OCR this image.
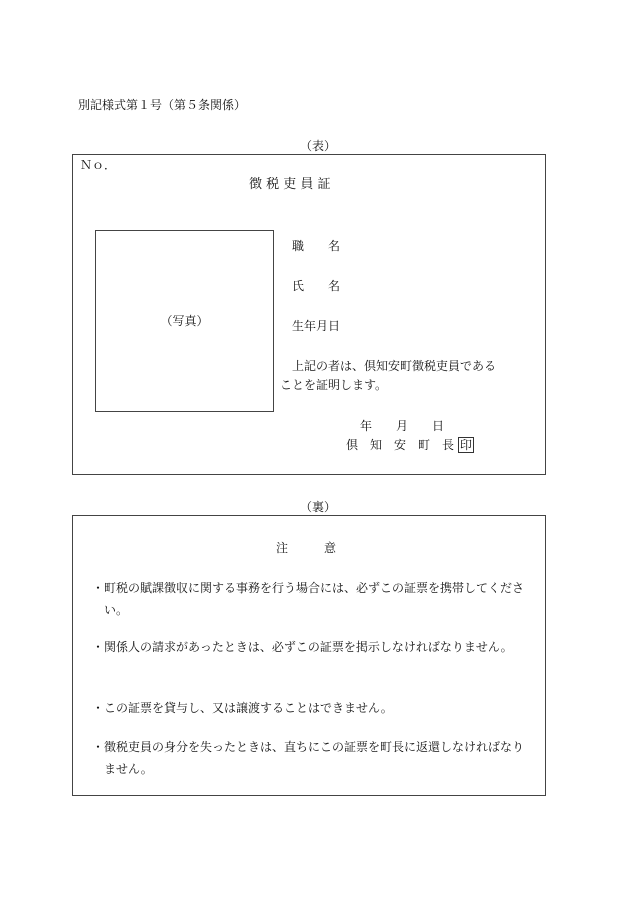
別記様式第１号（第５条関係）
（表）
Ｎｏ．
徴 税 吏 員 証
（写真）
職　　名
氏　　名
生年月日
上記の者は、倶知安町徴税吏員である
ことを証明します。
年　　月　　日
倶　知　安　町　長 印
（裏）
注　　　意
・ 町税の賦課徴収に関する事務を行う場合には、必ずこの証票を携帯してください。
・ 関係人の請求があったときは、必ずこの証票を掲示しなければなりません。
・ この証票を貸与し、又は譲渡することはできません。
・ 徴税吏員の身分を失ったときは、直ちにこの証票を町長に返還しなければなりません。
